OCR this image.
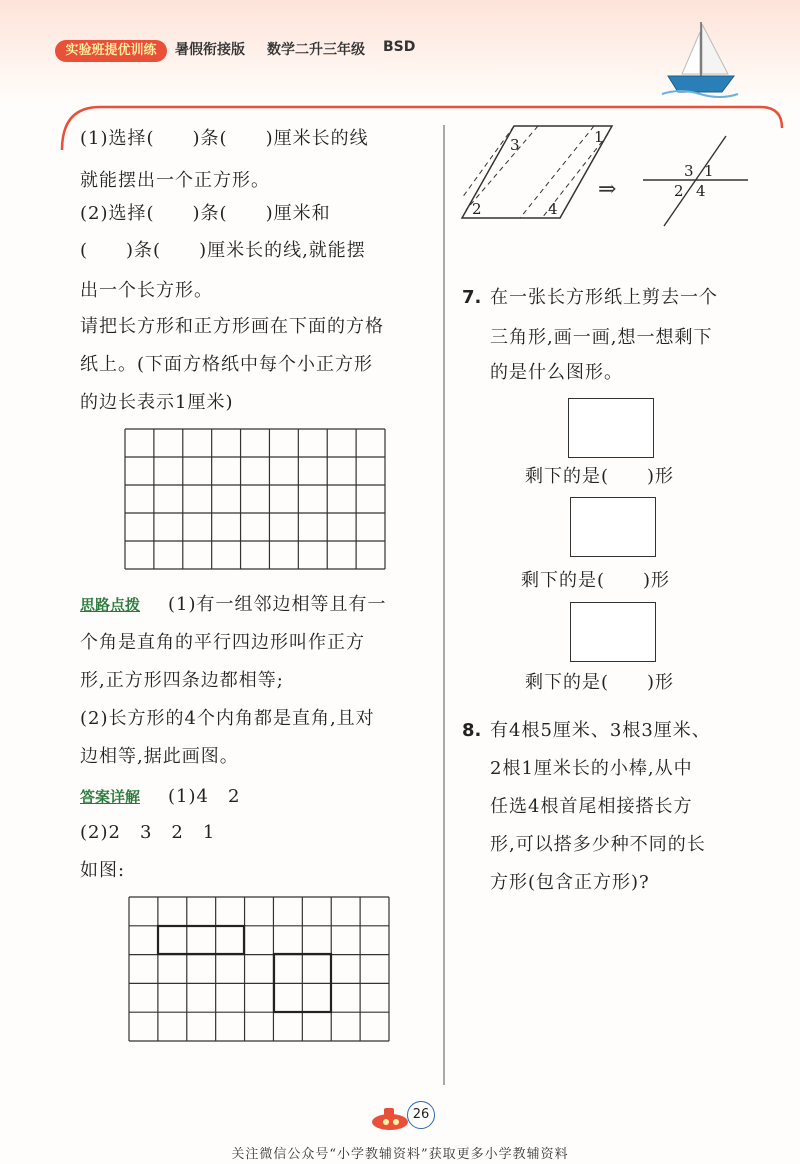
实验班提优训练	暑假衔接版 数学二升三年级 BSD
(1)选择(　　)条(　　)厘米长的线
就能摆出一个正方形。
(2)选择(　　)条(　　)厘米和
(　　)条(　　)厘米长的线,就能摆
出一个长方形。
请把长方形和正方形画在下面的方格
纸上。(下面方格纸中每个小正方形
的边长表示1厘米)
思路点拨 (1)有一组邻边相等且有一
个角是直角的平行四边形叫作正方
形,正方形四条边都相等;
(2)长方形的4个内角都是直角,且对
边相等,据此画图。
答案详解 (1)4　2
(2)2　3　2　1
如图:
3	1
2	4
⇒
3 1
2 4
7. 在一张长方形纸上剪去一个
三角形,画一画,想一想剩下
的是什么图形。
剩下的是(　　)形
剩下的是(　　)形
剩下的是(　　)形
8. 有4根5厘米、3根3厘米、
2根1厘米长的小棒,从中
任选4根首尾相接搭长方
形,可以搭多少种不同的长
方形(包含正方形)?
26
关注微信公众号“小学教辅资料”获取更多小学教辅资料
